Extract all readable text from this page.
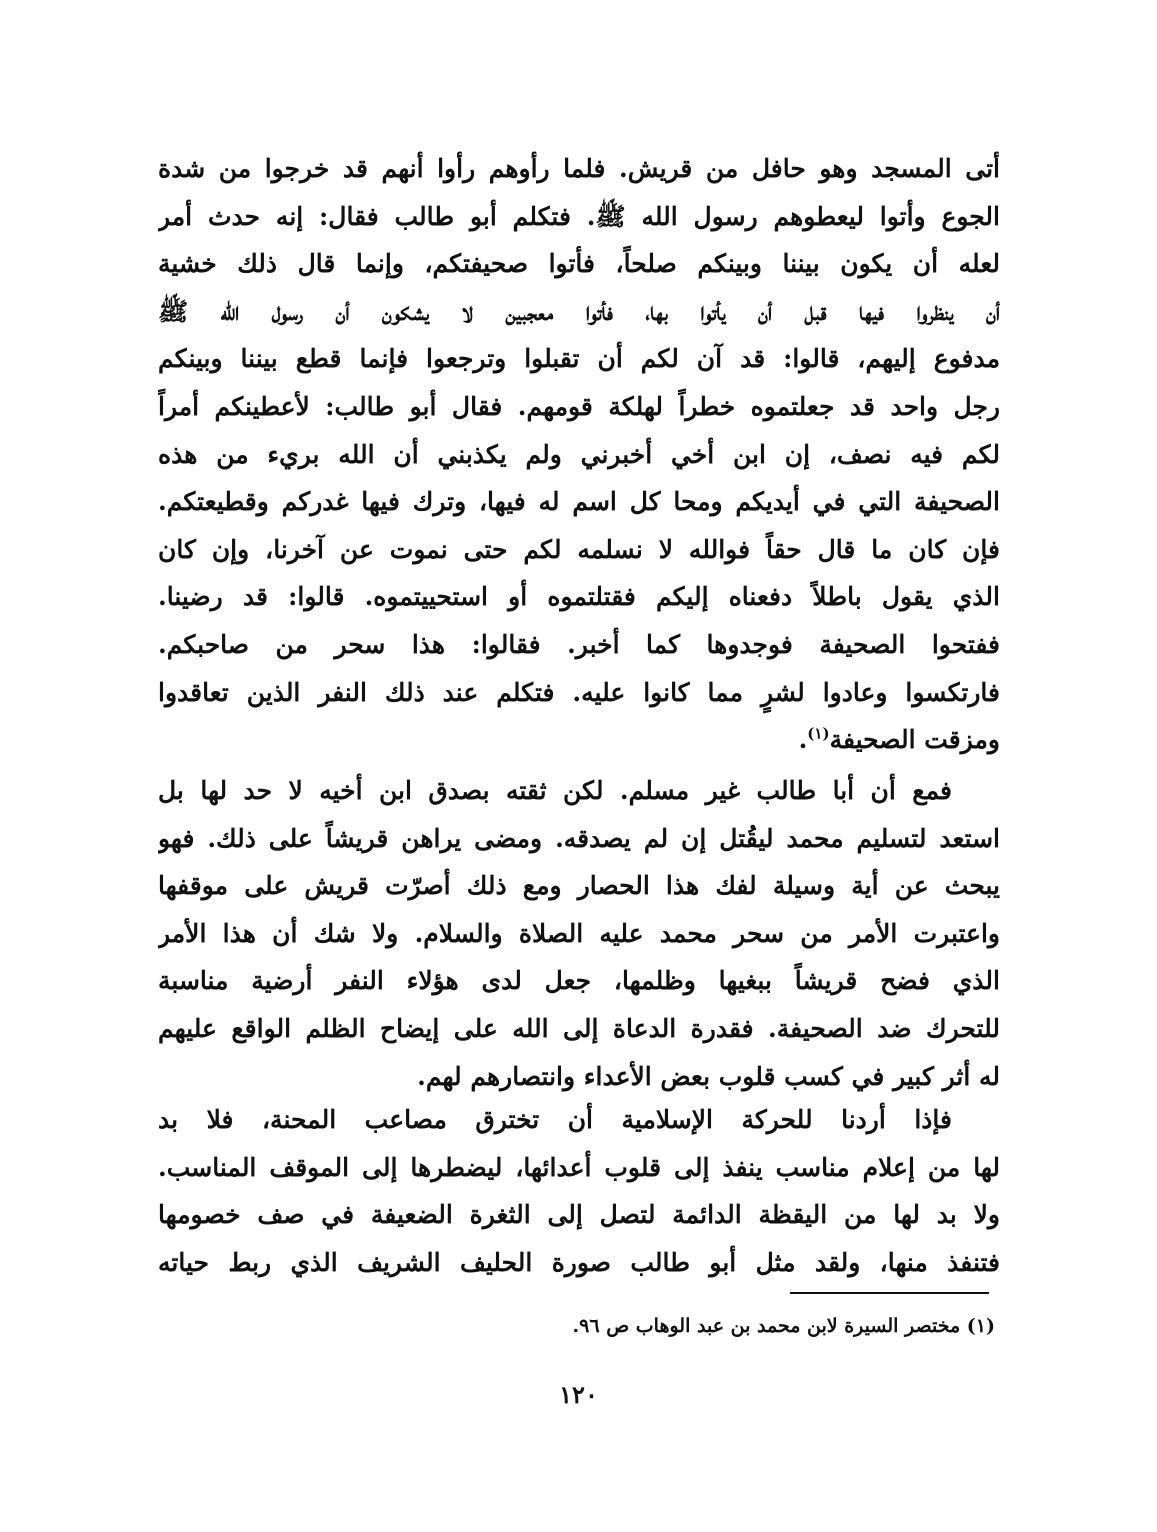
أتى المسجد وهو حافل من قريش. فلما رأوهم رأوا أنهم قد خرجوا من شدة
الجوع وأتوا ليعطوهم رسول الله ﷺ. فتكلم أبو طالب فقال: إنه حدث أمر
لعله أن يكون بيننا وبينكم صلحاً، فأتوا صحيفتكم، وإنما قال ذلك خشية
أن ينظروا فيها قبل أن يأتوا بها، فأتوا معجبين لا يشكون أن رسول الله ﷺ
مدفوع إليهم، قالوا: قد آن لكم أن تقبلوا وترجعوا فإنما قطع بيننا وبينكم
رجل واحد قد جعلتموه خطراً لهلكة قومهم. فقال أبو طالب: لأعطينكم أمراً
لكم فيه نصف، إن ابن أخي أخبرني ولم يكذبني أن الله بريء من هذه
الصحيفة التي في أيديكم ومحا كل اسم له فيها، وترك فيها غدركم وقطيعتكم.
فإن كان ما قال حقاً فوالله لا نسلمه لكم حتى نموت عن آخرنا، وإن كان
الذي يقول باطلاً دفعناه إليكم فقتلتموه أو استحييتموه. قالوا: قد رضينا.
ففتحوا الصحيفة فوجدوها كما أخبر. فقالوا: هذا سحر من صاحبكم.
فارتكسوا وعادوا لشرٍ مما كانوا عليه. فتكلم عند ذلك النفر الذين تعاقدوا
ومزقت الصحيفة$^{(١)}$.
فمع أن أبا طالب غير مسلم. لكن ثقته بصدق ابن أخيه لا حد لها بل
استعد لتسليم محمد ليقُتل إن لم يصدقه. ومضى يراهن قريشاً على ذلك. فهو
يبحث عن أية وسيلة لفك هذا الحصار ومع ذلك أصرّت قريش على موقفها
واعتبرت الأمر من سحر محمد عليه الصلاة والسلام. ولا شك أن هذا الأمر
الذي فضح قريشاً ببغيها وظلمها، جعل لدى هؤلاء النفر أرضية مناسبة
للتحرك ضد الصحيفة. فقدرة الدعاة إلى الله على إيضاح الظلم الواقع عليهم
له أثر كبير في كسب قلوب بعض الأعداء وانتصارهم لهم.
فإذا أردنا للحركة الإسلامية أن تخترق مصاعب المحنة، فلا بد
لها من إعلام مناسب ينفذ إلى قلوب أعدائها، ليضطرها إلى الموقف المناسب.
ولا بد لها من اليقظة الدائمة لتصل إلى الثغرة الضعيفة في صف خصومها
فتنفذ منها، ولقد مثل أبو طالب صورة الحليف الشريف الذي ربط حياته
(١) مختصر السيرة لابن محمد بن عبد الوهاب ص ٩٦.
١٢٠
